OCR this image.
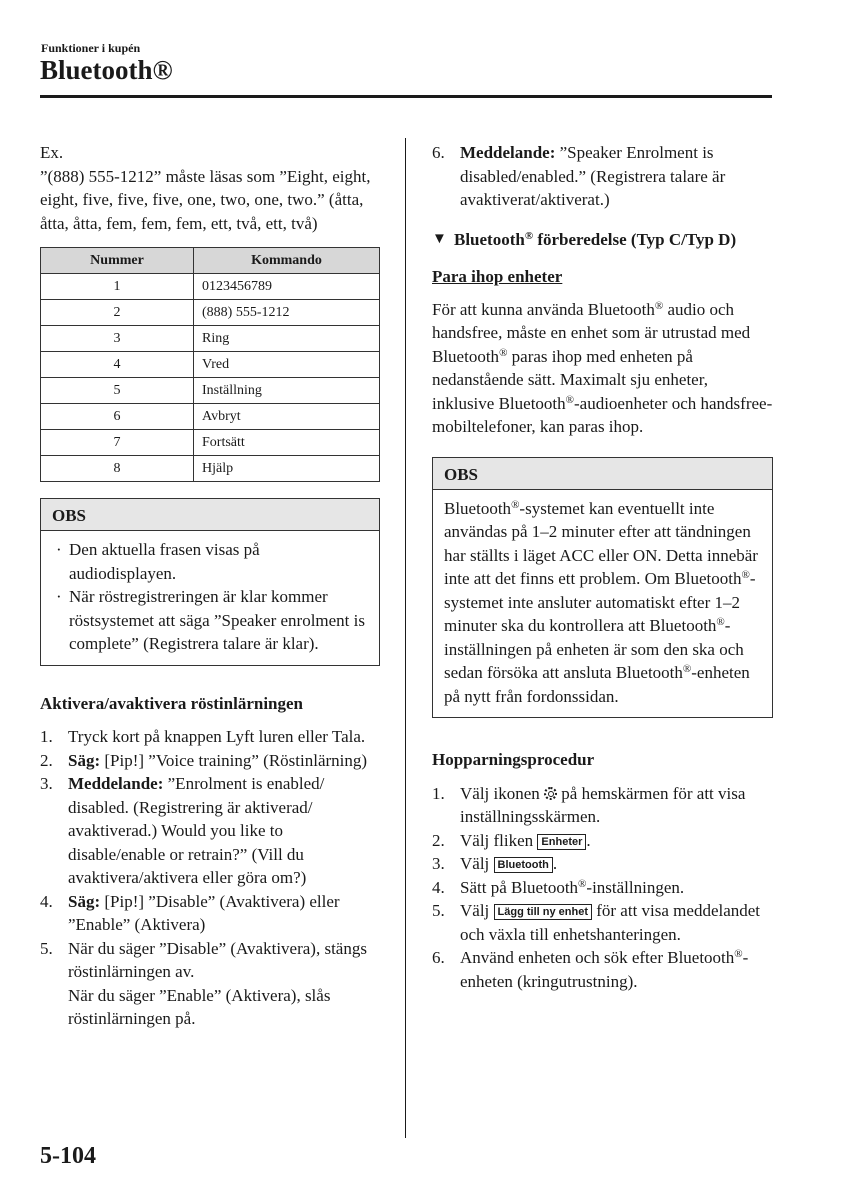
Funktioner i kupén
Bluetooth®

Ex.

”(888) 555-1212” måste läsas som ”Eight, eight, eight, five, five, five, one, two, one, two.” (åtta, åtta, åtta, fem, fem, fem, ett, två, ett, två)

Nummer	Kommando
1	0123456789
2	(888) 555-1212
3	Ring
4	Vred
5	Inställning
6	Avbryt
7	Fortsätt
8	Hjälp
OBS
· Den aktuella frasen visas på audiodisplayen.
· När röstregistreringen är klar kommer röstsystemet att säga ”Speaker enrolment is complete” (Registrera talare är klar).

Aktivera/avaktivera röstinlärningen

1. Tryck kort på knappen Lyft luren eller Tala.
2. Säg: [Pip!] ”Voice training” (Röstinlärning)
3. Meddelande: ”Enrolment is enabled/ disabled. (Registrering är aktiverad/ avaktiverad.) Would you like to disable/enable or retrain?” (Vill du avaktivera/aktivera eller göra om?)
4. Säg: [Pip!] ”Disable” (Avaktivera) eller ”Enable” (Aktivera)
5. När du säger ”Disable” (Avaktivera), stängs röstinlärningen av.
När du säger ”Enable” (Aktivera), slås röstinlärningen på.
6. Meddelande: ”Speaker Enrolment is disabled/enabled.” (Registrera talare är avaktiverat/aktiverat.)

▼ Bluetooth® förberedelse (Typ C/Typ D)

Para ihop enheter

För att kunna använda Bluetooth® audio och handsfree, måste en enhet som är utrustad med Bluetooth® paras ihop med enheten på nedanstående sätt. Maximalt sju enheter, inklusive Bluetooth®-audioenheter och handsfree-mobiltelefoner, kan paras ihop.

OBS

Bluetooth®-systemet kan eventuellt inte användas på 1–2 minuter efter att tändningen har ställts i läget ACC eller ON. Detta innebär inte att det finns ett problem. Om Bluetooth®-systemet inte ansluter automatiskt efter 1–2 minuter ska du kontrollera att Bluetooth®-inställningen på enheten är som den ska och sedan försöka att ansluta Bluetooth®-enheten på nytt från fordonssidan.

Hopparningsprocedur

1. Välj ikonen  på hemskärmen för att visa inställningsskärmen.
2. Välj fliken Enheter .
3. Välj Bluetooth .
4. Sätt på Bluetooth®-inställningen.
5. Välj Lägg till ny enhet för att visa meddelandet och växla till enhetshanteringen.
6. Använd enheten och sök efter Bluetooth®-enheten (kringutrustning).
5-104
